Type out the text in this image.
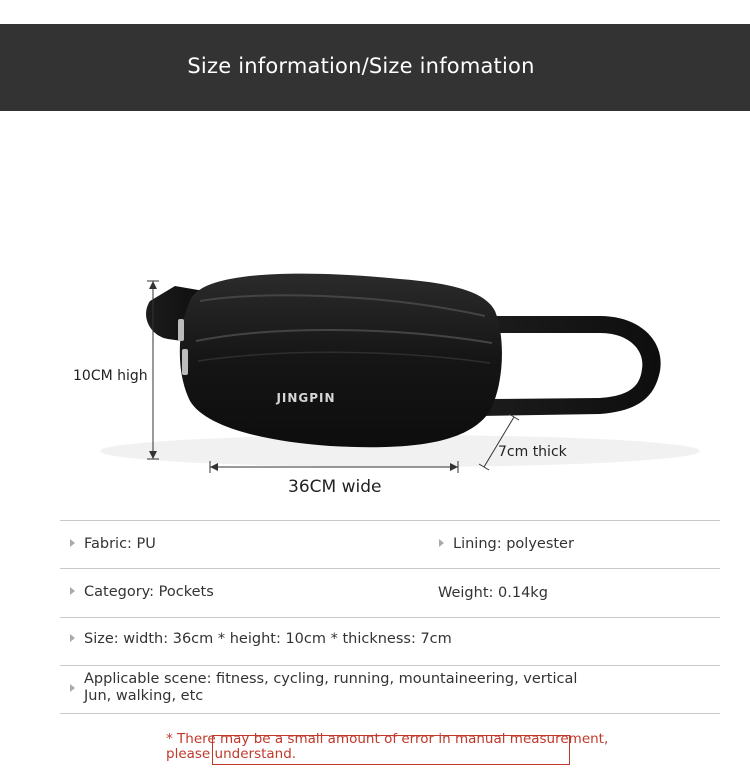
Size information/Size infomation
JINGPIN
10CM high
36CM wide
7cm thick
Fabric: PU	Lining: polyester
Category: Pockets	Weight: 0.14kg
Size: width: 36cm * height: 10cm * thickness: 7cm
Applicable scene: fitness, cycling, running, mountaineering, vertical Jun, walking, etc
* There may be a small amount of error in manual measurement, please understand.
